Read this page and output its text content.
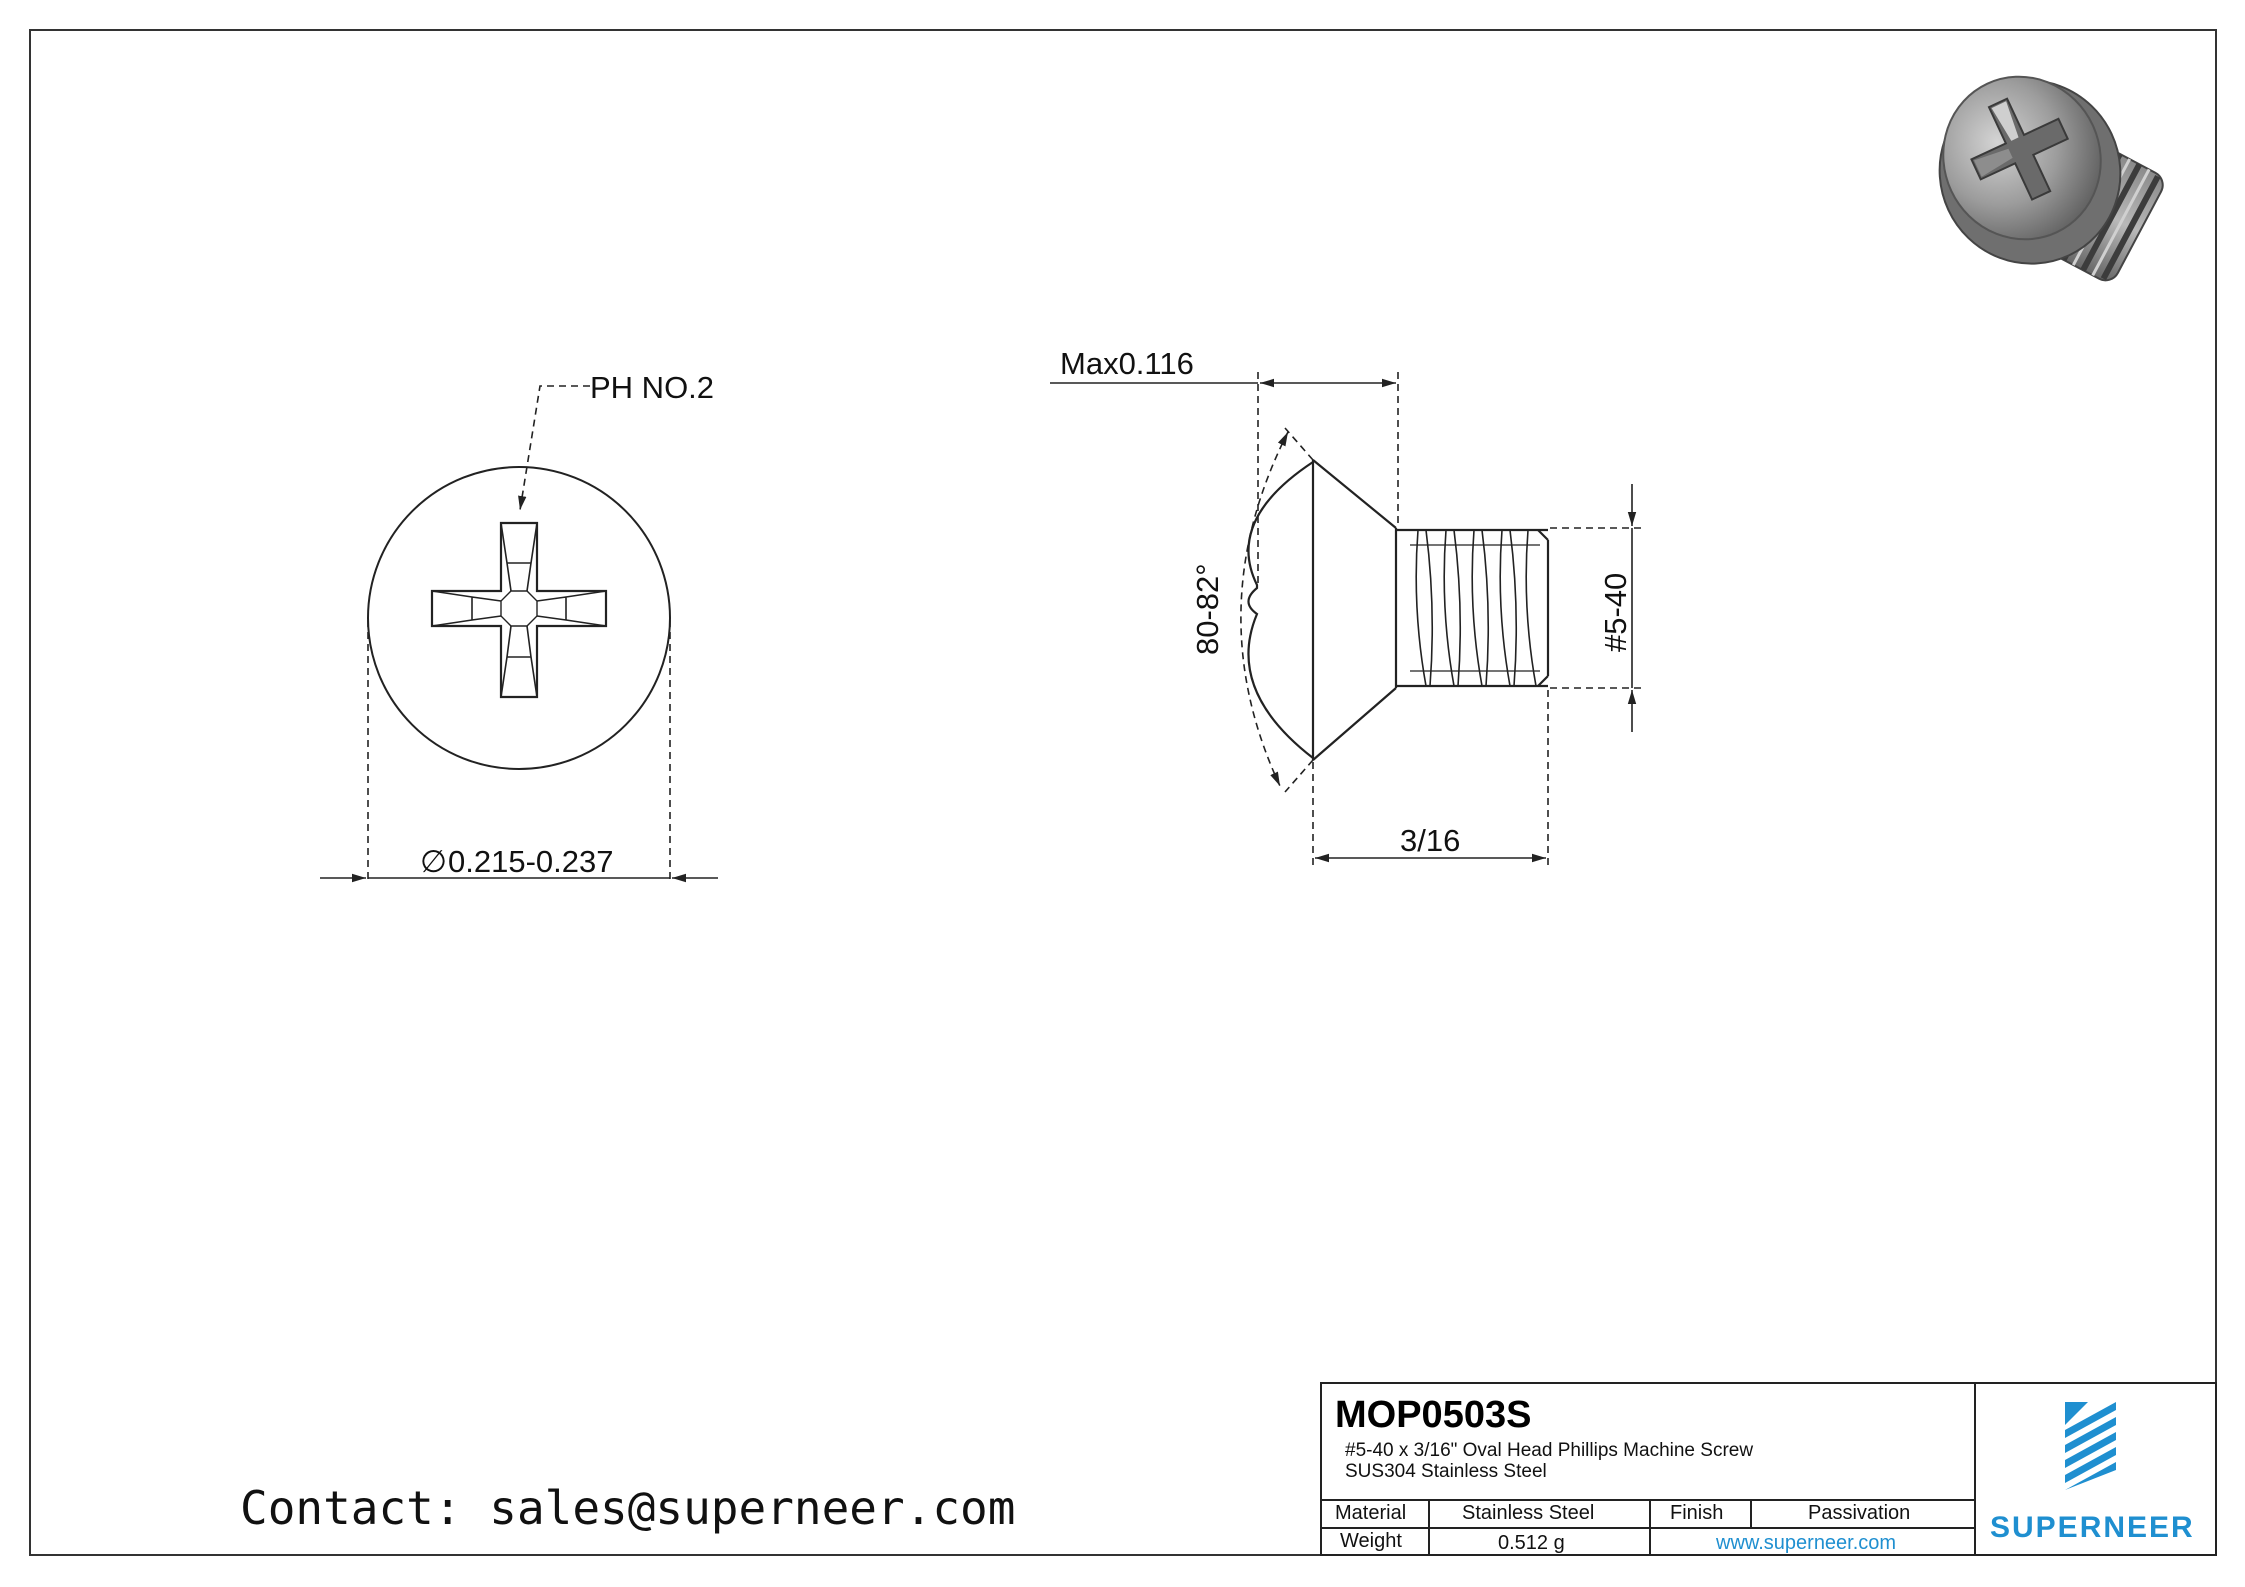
PH NO.2
∅ 0.215-0.237
Max0.116
80-82°	#5-40
3/16
MOP0503S
#5-40 x 3/16" Oval Head Phillips Machine Screw
SUS304 Stainless Steel
Material	Stainless Steel	Finish	Passivation
Weight	0.512 g	www.superneer.com	SUPERNEER
Contact: sales@superneer.com
